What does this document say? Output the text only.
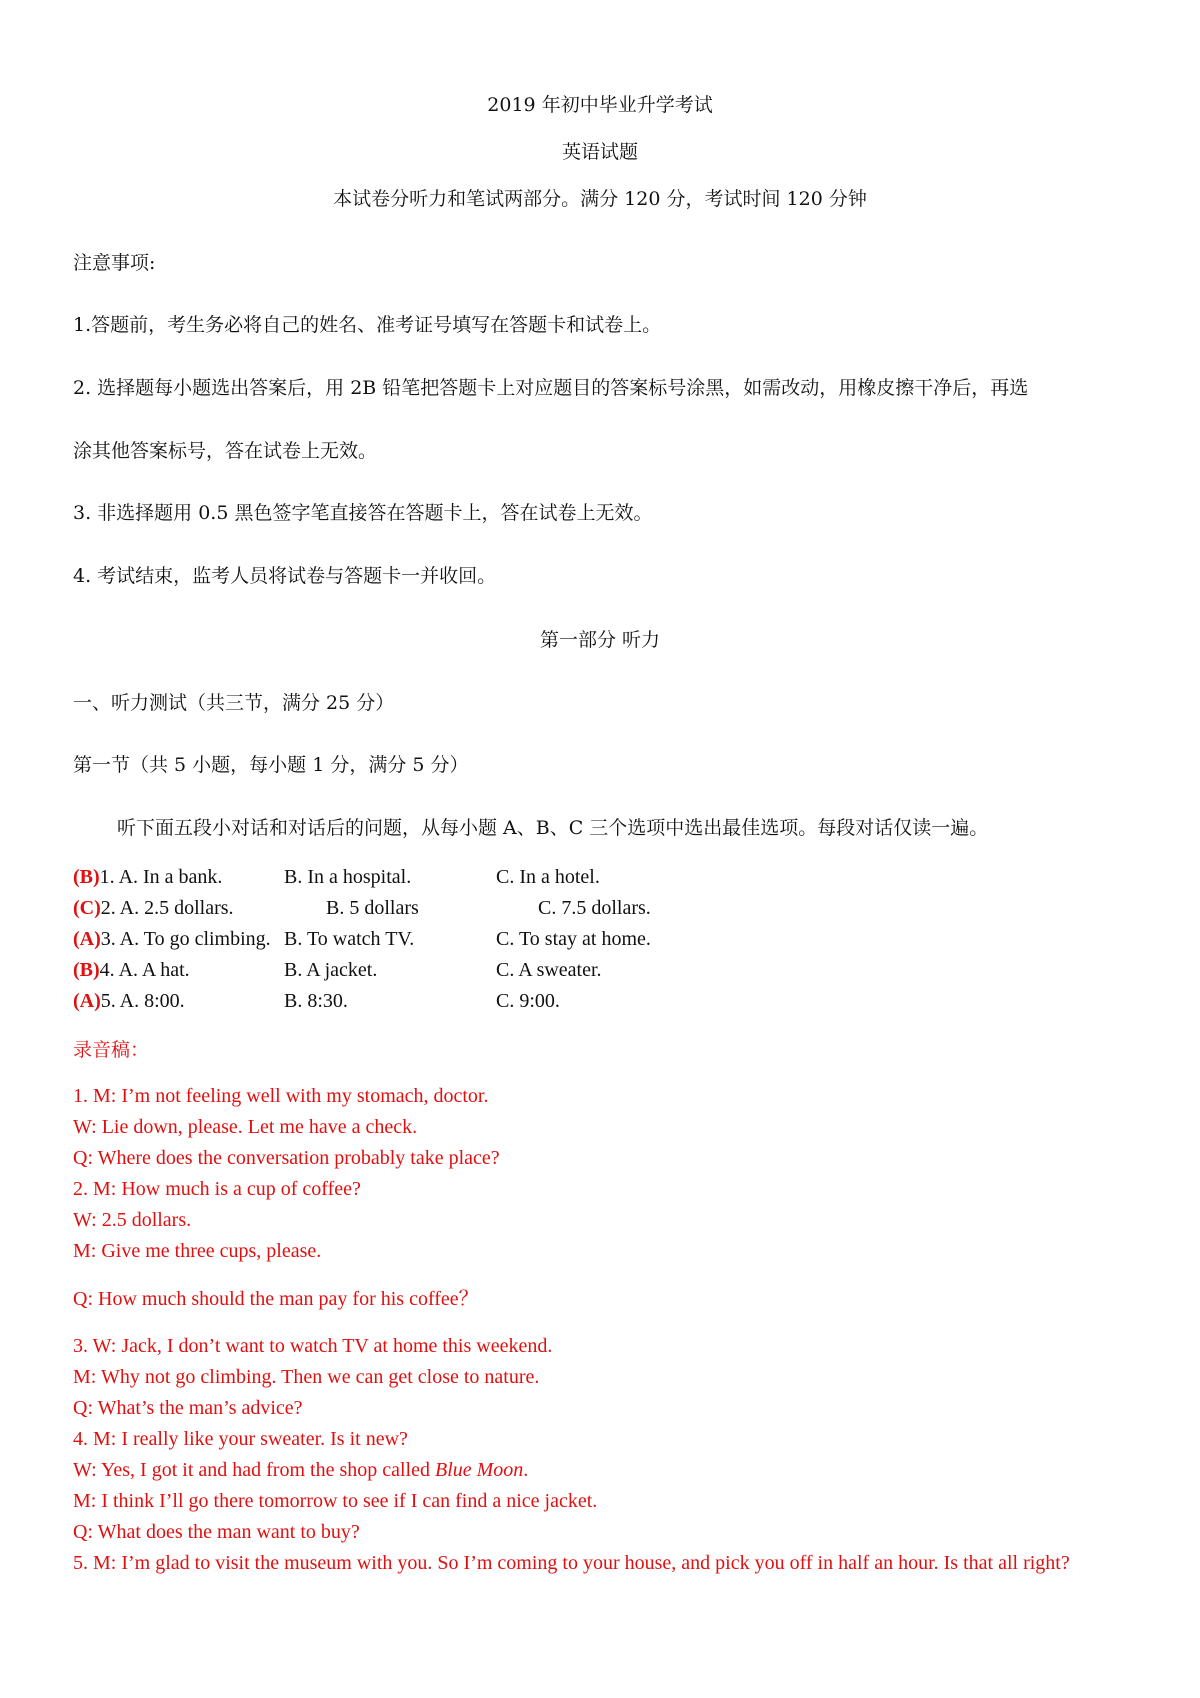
2019 年初中毕业升学考试
英语试题
本试卷分听力和笔试两部分。满分 120 分，考试时间 120 分钟
注意事项:
1.答题前，考生务必将自己的姓名、准考证号填写在答题卡和试卷上。
2. 选择题每小题选出答案后，用 2B 铅笔把答题卡上对应题目的答案标号涂黑，如需改动，用橡皮擦干净后，再选
涂其他答案标号，答在试卷上无效。
3. 非选择题用 0.5 黑色签字笔直接答在答题卡上，答在试卷上无效。
4. 考试结束，监考人员将试卷与答题卡一并收回。
第一部分 听力
一、听力测试（共三节，满分 25 分）
第一节（共 5 小题，每小题 1 分，满分 5 分）
听下面五段小对话和对话后的问题，从每小题 A、B、C 三个选项中选出最佳选项。每段对话仅读一遍。
(B)1. A. In a bank.	B. In a hospital.	C. In a hotel.
(C)2. A. 2.5 dollars.	B. 5 dollars	C. 7.5 dollars.
(A)3. A. To go climbing. B. To watch TV.	C. To stay at home.
(B)4. A. A hat.	B. A jacket.	C. A sweater.
(A)5. A. 8:00.	B. 8:30.	C. 9:00.
录音稿：
1. M: I’m not feeling well with my stomach, doctor.
W: Lie down, please. Let me have a check.
Q: Where does the conversation probably take place?
2. M: How much is a cup of coffee?
W: 2.5 dollars.
M: Give me three cups, please.
Q: How much should the man pay for his coffee？
3. W: Jack, I don’t want to watch TV at home this weekend.
M: Why not go climbing. Then we can get close to nature.
Q: What’s the man’s advice?
4. M: I really like your sweater. Is it new?
W: Yes, I got it and had from the shop called Blue Moon.
M: I think I’ll go there tomorrow to see if I can find a nice jacket.
Q: What does the man want to buy?
5. M: I’m glad to visit the museum with you. So I’m coming to your house, and pick you off in half an hour. Is that all right?
